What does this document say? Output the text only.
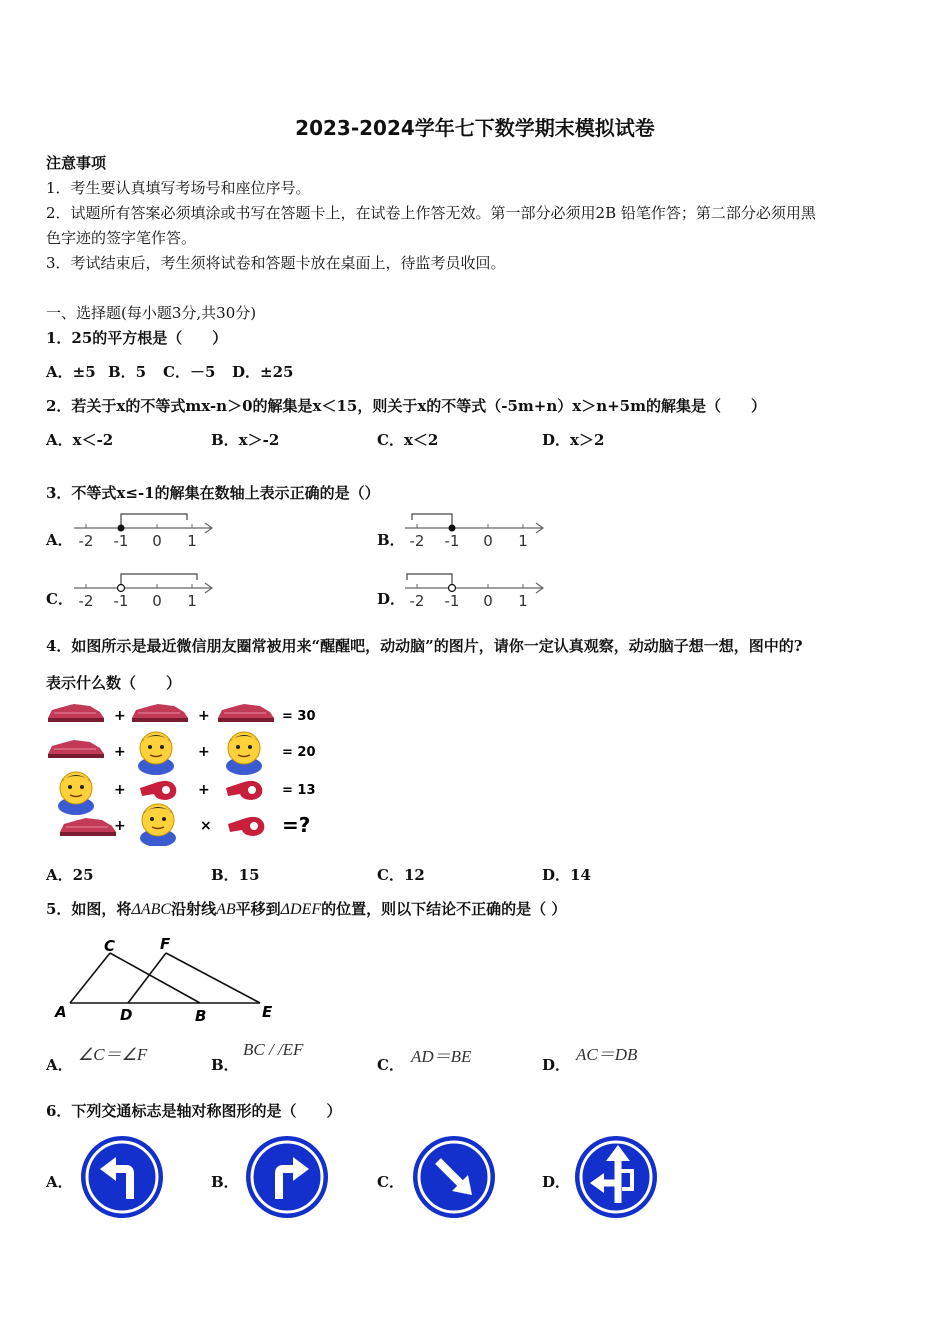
2023-2024学年七下数学期末模拟试卷
注意事项
1．考生要认真填写考场号和座位序号。
2．试题所有答案必须填涂或书写在答题卡上，在试卷上作答无效。第一部分必须用2B 铅笔作答；第二部分必须用黑
色字迹的签字笔作答。
3．考试结束后，考生须将试卷和答题卡放在桌面上，待监考员收回。
一、选择题(每小题3分,共30分)
1．25的平方根是（　　）
A．±5 B．5 C．－5 D．±25
2．若关于x的不等式mx-n＞0的解集是x＜15，则关于x的不等式（-5m+n）x＞n+5m的解集是（　　）
A．x＜-2	B．x＞-2	C．x＜2	D．x＞2
3．不等式x≤-1的解集在数轴上表示正确的是（）
A． -2 -1 0 1	B． -2 -1 0 1
C． -2 -1 0 1	D． -2 -1 0 1
4．如图所示是最近微信朋友圈常被用来“醒醒吧，动动脑”的图片，请你一定认真观察，动动脑子想一想，图中的?
表示什么数（　　）
+	+	= 30
+	+	= 20
+	+	= 13
+	×	=?
A．25	B．15	C．12	D．14
5．如图，将ΔABC沿射线AB平移到ΔDEF的位置，则以下结论不正确的是（ ）
C	F
A	D	B	E
A．
∠C＝∠F
B．
BC / /EF
C． AD＝BE	D．
AC＝DB
6．下列交通标志是轴对称图形的是（　　）
A．	B．	C．	D．
